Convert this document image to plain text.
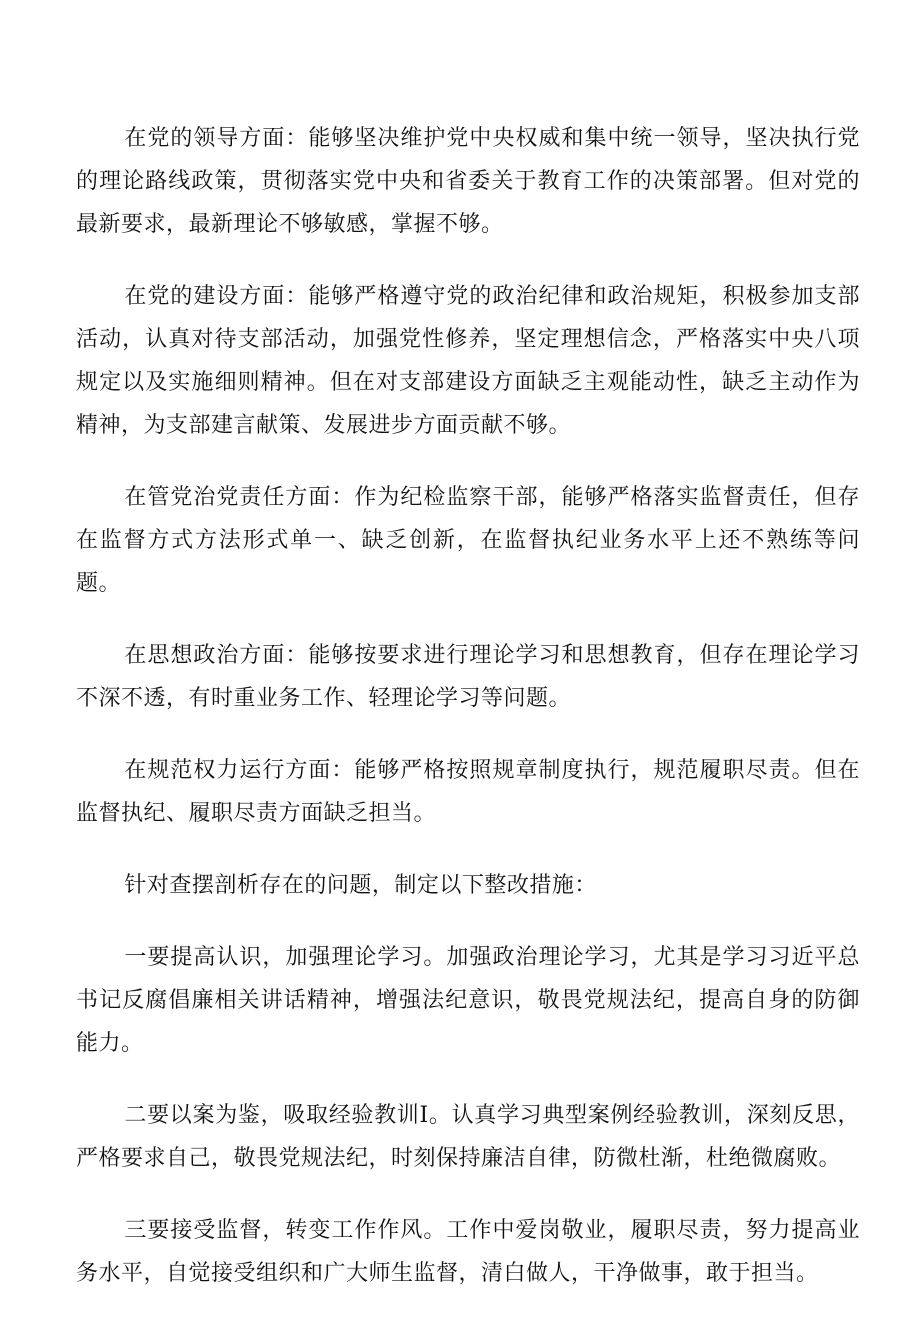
在党的领导方面：能够坚决维护党中央权威和集中统一领导，坚决执行党的理论路线政策，贯彻落实党中央和省委关于教育工作的决策部署。但对党的最新要求，最新理论不够敏感，掌握不够。

在党的建设方面：能够严格遵守党的政治纪律和政治规矩，积极参加支部活动，认真对待支部活动，加强党性修养，坚定理想信念，严格落实中央八项规定以及实施细则精神。但在对支部建设方面缺乏主观能动性，缺乏主动作为精神，为支部建言献策、发展进步方面贡献不够。

在管党治党责任方面：作为纪检监察干部，能够严格落实监督责任，但存在监督方式方法形式单一、缺乏创新，在监督执纪业务水平上还不熟练等问题。

在思想政治方面：能够按要求进行理论学习和思想教育，但存在理论学习不深不透，有时重业务工作、轻理论学习等问题。

在规范权力运行方面：能够严格按照规章制度执行，规范履职尽责。但在监督执纪、履职尽责方面缺乏担当。

针对查摆剖析存在的问题，制定以下整改措施：

一要提高认识，加强理论学习。加强政治理论学习，尤其是学习习近平总书记反腐倡廉相关讲话精神，增强法纪意识，敬畏党规法纪，提高自身的防御能力。

二要以案为鉴，吸取经验教训I。认真学习典型案例经验教训，深刻反思，严格要求自己，敬畏党规法纪，时刻保持廉洁自律，防微杜渐，杜绝微腐败。

三要接受监督，转变工作作风。工作中爱岗敬业，履职尽责，努力提高业务水平，自觉接受组织和广大师生监督，清白做人，干净做事，敢于担当。
